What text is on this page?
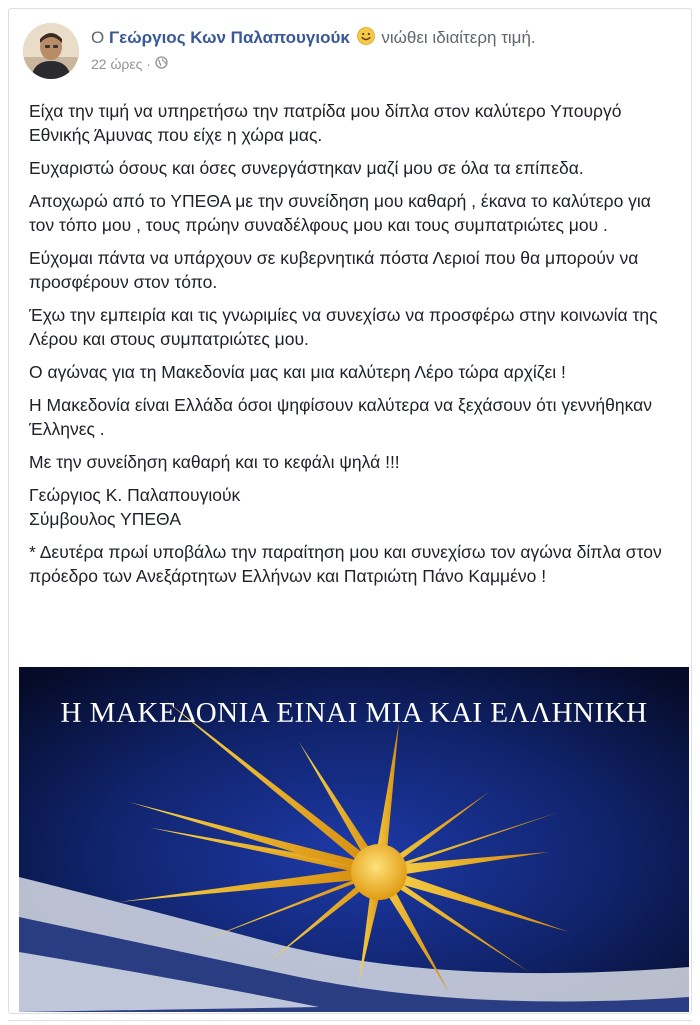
Ο Γεώργιος Κων Παλαπουγιούκ νιώθει ιδιαίτερη τιμή.
22 ώρες ·

Είχα την τιμή να υπηρετήσω την πατρίδα μου δίπλα στον καλύτερο Υπουργό Εθνικής Άμυνας που είχε η χώρα μας.

Ευχαριστώ όσους και όσες συνεργάστηκαν μαζί μου σε όλα τα επίπεδα.

Αποχωρώ από το ΥΠΕΘΑ με την συνείδηση μου καθαρή , έκανα το καλύτερο για τον τόπο μου , τους πρώην συναδέλφους μου και τους συμπατριώτες μου .

Εύχομαι πάντα να υπάρχουν σε κυβερνητικά πόστα Λεριοί που θα μπορούν να προσφέρουν στον τόπο.

Έχω την εμπειρία και τις γνωριμίες να συνεχίσω να προσφέρω στην κοινωνία της Λέρου και στους συμπατριώτες μου.

Ο αγώνας για τη Μακεδονία μας και μια καλύτερη Λέρο τώρα αρχίζει !

Η Μακεδονία είναι Ελλάδα όσοι ψηφίσουν καλύτερα να ξεχάσουν ότι γεννήθηκαν Έλληνες .

Με την συνείδηση καθαρή και το κεφάλι ψηλά !!!

Γεώργιος Κ. Παλαπουγιούκ

Σύμβουλος ΥΠΕΘΑ

* Δευτέρα πρωί υποβάλω την παραίτηση μου και συνεχίσω τον αγώνα δίπλα στον πρόεδρο των Ανεξάρτητων Ελλήνων και Πατριώτη Πάνο Καμμένο !

Η ΜΑΚΕΔΟΝΙΑ ΕΙΝΑΙ ΜΙΑ ΚΑΙ ΕΛΛΗΝΙΚΗ
